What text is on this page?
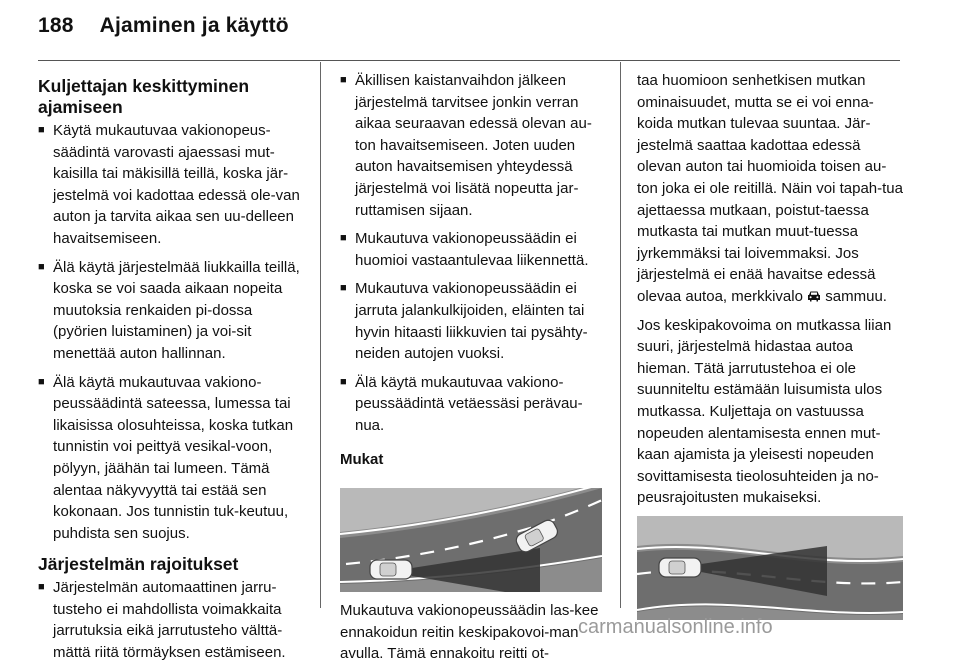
188 Ajaminen ja käyttö
Kuljettajan keskittyminen
ajamiseen
■ Käytä mukautuvaa vakionopeus-säädintä varovasti ajaessasi mut-kaisilla tai mäkisillä teillä, koska jär-jestelmä voi kadottaa edessä ole-van auton ja tarvita aikaa sen uu-delleen havaitsemiseen.
■ Älä käytä järjestelmää liukkailla teillä, koska se voi saada aikaan nopeita muutoksia renkaiden pi-dossa (pyörien luistaminen) ja voi-sit menettää auton hallinnan.
■ Älä käytä mukautuvaa vakiono-peussäädintä sateessa, lumessa tai likaisissa olosuhteissa, koska tutkan tunnistin voi peittyä vesikal-voon, pölyyn, jäähän tai lumeen. Tämä alentaa näkyvyyttä tai estää sen kokonaan. Jos tunnistin tuk-keutuu, puhdista sen suojus.
Järjestelmän rajoitukset
■ Järjestelmän automaattinen jarru-tusteho ei mahdollista voimakkaita jarrutuksia eikä jarrutusteho välttä-mättä riitä törmäyksen estämiseen.
■ Äkillisen kaistanvaihdon jälkeen järjestelmä tarvitsee jonkin verran aikaa seuraavan edessä olevan au-ton havaitsemiseen. Joten uuden auton havaitsemisen yhteydessä järjestelmä voi lisätä nopeutta jar-ruttamisen sijaan.
■ Mukautuva vakionopeussäädin ei huomioi vastaantulevaa liikennettä.
■ Mukautuva vakionopeussäädin ei jarruta jalankulkijoiden, eläinten tai hyvin hitaasti liikkuvien tai pysähty-neiden autojen vuoksi.
■ Älä käytä mukautuvaa vakiono-peussäädintä vetäessäsi perävau-nua.
Mukat

Mukautuva vakionopeussäädin las-kee ennakoidun reitin keskipakovoi-man avulla. Tämä ennakoitu reitti ot-

taa huomioon senhetkisen mutkan ominaisuudet, mutta se ei voi enna-koida mutkan tulevaa suuntaa. Jär-jestelmä saattaa kadottaa edessä olevan auton tai huomioida toisen au-ton joka ei ole reitillä. Näin voi tapah-tua ajettaessa mutkaan, poistut-taessa mutkasta tai mutkan muut-tuessa jyrkemmäksi tai loivemmaksi. Jos järjestelmä ei enää havaitse edessä olevaa autoa, merkkivalo sammuu.

Jos keskipakovoima on mutkassa liian suuri, järjestelmä hidastaa autoa hieman. Tätä jarrutustehoa ei ole suunniteltu estämään luisumista ulos mutkassa. Kuljettaja on vastuussa nopeuden alentamisesta ennen mut-kaan ajamista ja yleisesti nopeuden sovittamisesta tieolosuhteiden ja no-peusrajoitusten mukaiseksi.

carmanualsonline.info
